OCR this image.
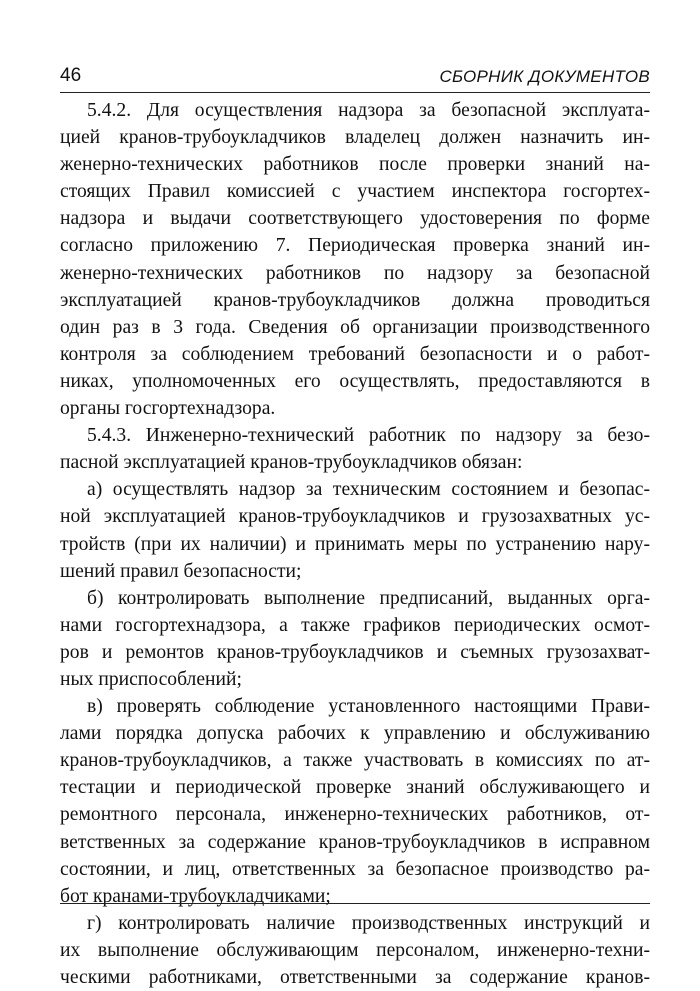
46	СБОРНИК ДОКУМЕНТОВ
5.4.2. Для осуществления надзора за безопасной эксплуата-
цией кранов-трубоукладчиков владелец должен назначить ин-
женерно-технических работников после проверки знаний на-
стоящих Правил комиссией с участием инспектора госгортех-
надзора и выдачи соответствующего удостоверения по форме
согласно приложению 7. Периодическая проверка знаний ин-
женерно-технических работников по надзору за безопасной
эксплуатацией кранов-трубоукладчиков должна проводиться
один раз в 3 года. Сведения об организации производственного
контроля за соблюдением требований безопасности и о работ-
никах, уполномоченных его осуществлять, предоставляются в
органы госгортехнадзора.
5.4.3. Инженерно-технический работник по надзору за безо-
пасной эксплуатацией кранов-трубоукладчиков обязан:
а) осуществлять надзор за техническим состоянием и безопас-
ной эксплуатацией кранов-трубоукладчиков и грузозахватных ус-
тройств (при их наличии) и принимать меры по устранению нару-
шений правил безопасности;
б) контролировать выполнение предписаний, выданных орга-
нами госгортехнадзора, а также графиков периодических осмот-
ров и ремонтов кранов-трубоукладчиков и съемных грузозахват-
ных приспособлений;
в) проверять соблюдение установленного настоящими Прави-
лами порядка допуска рабочих к управлению и обслуживанию
кранов-трубоукладчиков, а также участвовать в комиссиях по ат-
тестации и периодической проверке знаний обслуживающего и
ремонтного персонала, инженерно-технических работников, от-
ветственных за содержание кранов-трубоукладчиков в исправном
состоянии, и лиц, ответственных за безопасное производство ра-
бот кранами-трубоукладчиками;
г) контролировать наличие производственных инструкций и
их выполнение обслуживающим персоналом, инженерно-техни-
ческими работниками, ответственными за содержание кранов-
